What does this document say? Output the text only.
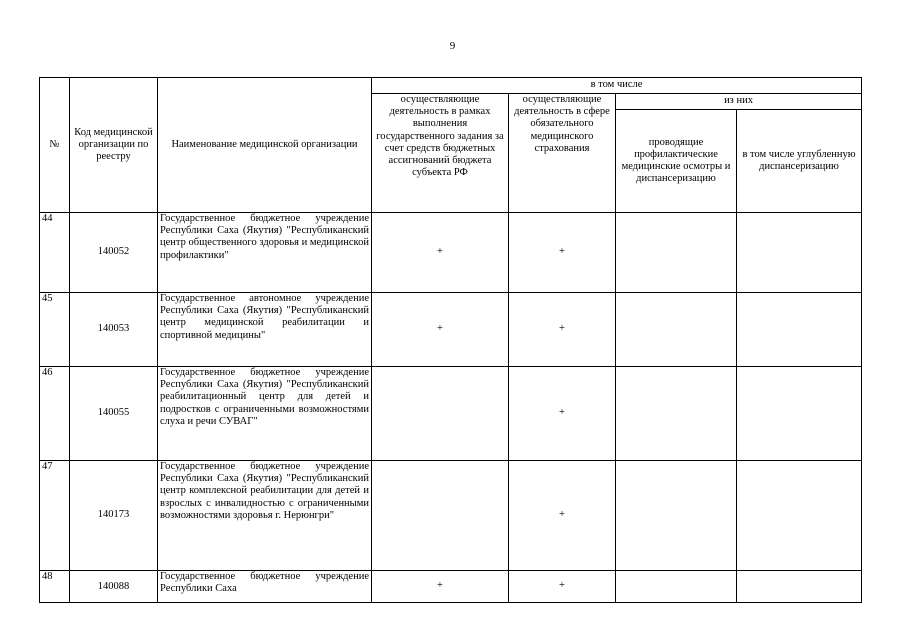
9
№	Код медицинской организации по реестру	Наименование медицинской организации	в том числе			
			осуществляющие деятельность в рамках выполнения государственного задания за счет средств бюджетных ассигнований бюджета субъекта РФ	осуществляющие деятельность в сфере обязательного медицинского страхования	из них	
					проводящие профилактические медицинские осмотры и диспансеризацию	в том числе углубленную диспансеризацию
44	140052	Государственное бюджетное учреждение Республики Саха (Якутия) "Республиканский центр общественного здоровья и медицинской профилактики"	+	+		
45	140053	Государственное автономное учреждение Республики Саха (Якутия) "Республиканский центр медицинской реабилитации и спортивной медицины"	+	+		
46	140055	Государственное бюджетное учреждение Республики Саха (Якутия) "Республиканский реабилитационный центр для детей и подростков с ограниченными возможностями слуха и речи СУВАГ"		+		
47	140173	Государственное бюджетное учреждение Республики Саха (Якутия) "Республиканский центр комплексной реабилитации для детей и взрослых с инвалидностью с ограниченными возможностями здоровья г. Нерюнгри"		+		
48	140088	Государственное бюджетное учреждение Республики Саха	+	+		
